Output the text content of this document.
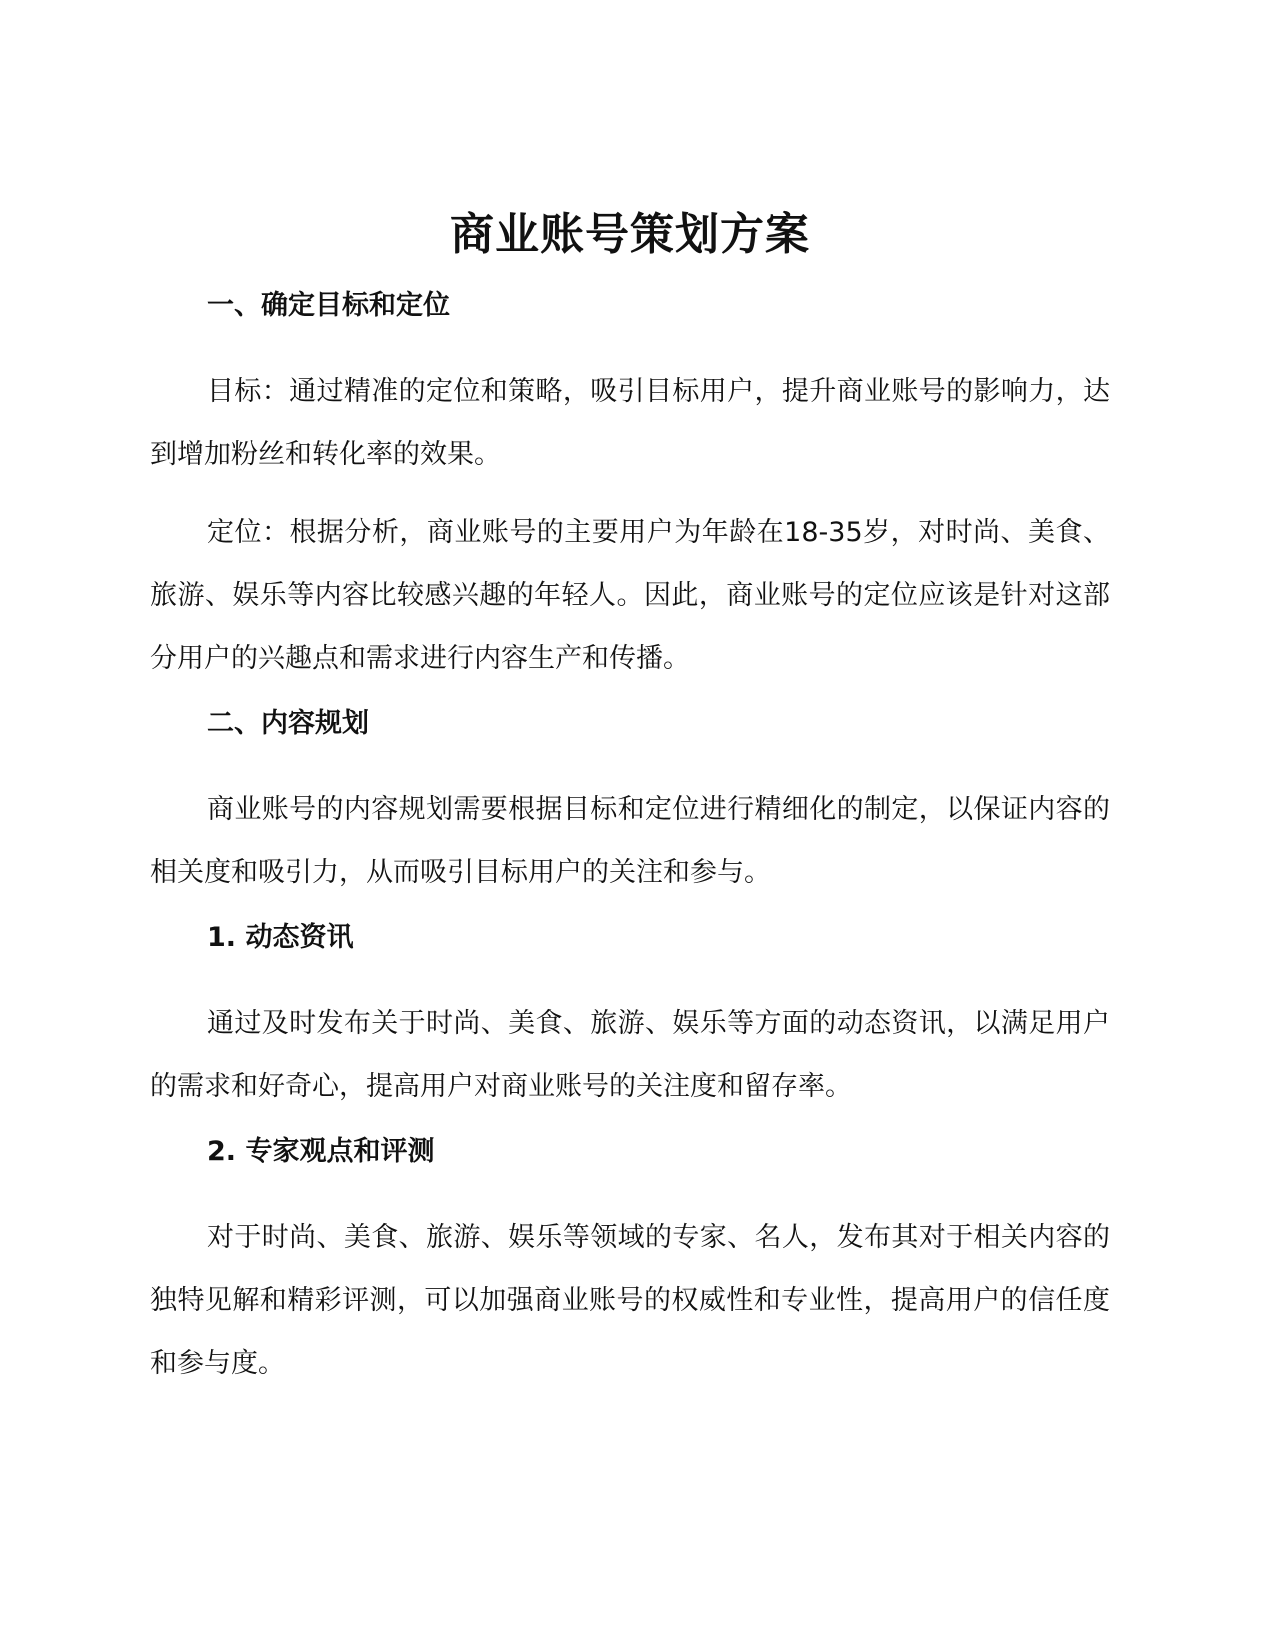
商业账号策划方案
一、确定目标和定位
目标：通过精准的定位和策略，吸引目标用户，提升商业账号的影响力，达到增加粉丝和转化率的效果。
定位：根据分析，商业账号的主要用户为年龄在18-35岁，对时尚、美食、旅游、娱乐等内容比较感兴趣的年轻人。因此，商业账号的定位应该是针对这部分用户的兴趣点和需求进行内容生产和传播。
二、内容规划
商业账号的内容规划需要根据目标和定位进行精细化的制定，以保证内容的相关度和吸引力，从而吸引目标用户的关注和参与。
1. 动态资讯
通过及时发布关于时尚、美食、旅游、娱乐等方面的动态资讯，以满足用户的需求和好奇心，提高用户对商业账号的关注度和留存率。
2. 专家观点和评测
对于时尚、美食、旅游、娱乐等领域的专家、名人，发布其对于相关内容的独特见解和精彩评测，可以加强商业账号的权威性和专业性，提高用户的信任度和参与度。
